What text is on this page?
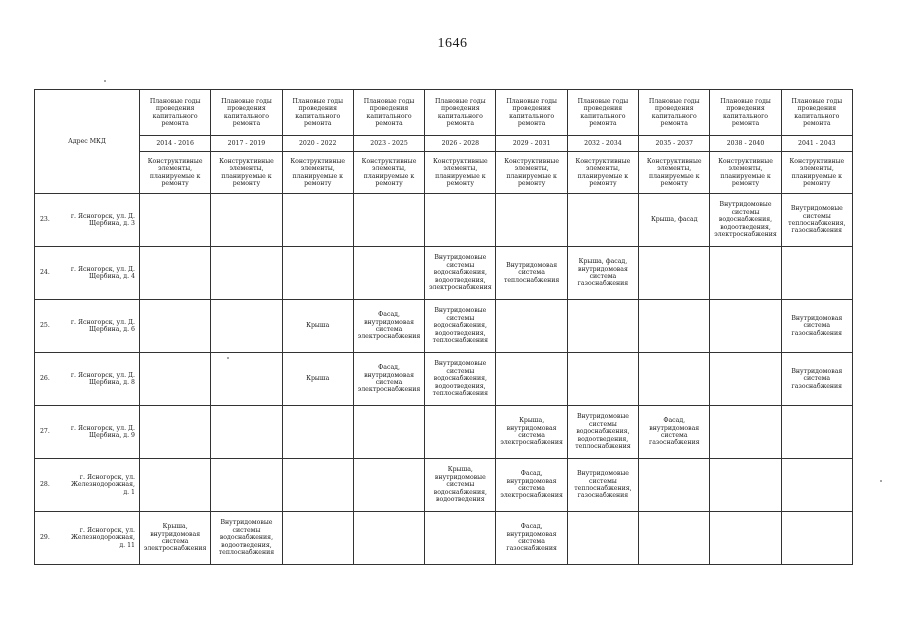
1646
Адрес МКД		Плановые годы проведения капитального ремонта	Плановые годы проведения капитального ремонта	Плановые годы проведения капитального ремонта	Плановые годы проведения капитального ремонта	Плановые годы проведения капитального ремонта	Плановые годы проведения капитального ремонта	Плановые годы проведения капитального ремонта	Плановые годы проведения капитального ремонта	Плановые годы проведения капитального ремонта	Плановые годы проведения капитального ремонта
		2014 - 2016	2017 - 2019	2020 - 2022	2023 - 2025	2026 - 2028	2029 - 2031	2032 - 2034	2035 - 2037	2038 - 2040	2041 - 2043
		Конструктивные элементы, планируемые к ремонту	Конструктивные элементы, планируемые к ремонту	Конструктивные элементы, планируемые к ремонту	Конструктивные элементы, планируемые к ремонту	Конструктивные элементы, планируемые к ремонту	Конструктивные элементы, планируемые к ремонту	Конструктивные элементы, планируемые к ремонту	Конструктивные элементы, планируемые к ремонту	Конструктивные элементы, планируемые к ремонту	Конструктивные элементы, планируемые к ремонту
23.	г. Ясногорск, ул. Д. Щербина, д. 3								Крыша, фасад	Внутридомовые системы водоснабжения, водоотведения, электроснабжения	Внутридомовые системы теплоснабжения, газоснабжения
24.	г. Ясногорск, ул. Д. Щербина, д. 4					Внутридомовые системы водоснабжения, водоотведения, электроснабжения	Внутридомовая система теплоснабжения	Крыша, фасад, внутридомовая система газоснабжения			
25.	г. Ясногорск, ул. Д. Щербина, д. 6			Крыша	Фасад, внутридомовая система электроснабжения	Внутридомовые системы водоснабжения, водоотведения, теплоснабжения					Внутридомовая система газоснабжения
26.	г. Ясногорск, ул. Д. Щербина, д. 8			Крыша	Фасад, внутридомовая система электроснабжения	Внутридомовые системы водоснабжения, водоотведения, теплоснабжения					Внутридомовая система газоснабжения
27.	г. Ясногорск, ул. Д. Щербина, д. 9						Крыша, внутридомовая система электроснабжения	Внутридомовые системы водоснабжения, водоотведения, теплоснабжения	Фасад, внутридомовая система газоснабжения		
28.	г. Ясногорск, ул. Железнодорожная, д. 1					Крыша, внутридомовые системы водоснабжения, водоотведения	Фасад, внутридомовая система электроснабжения	Внутридомовые системы теплоснабжения, газоснабжения			
29.	г. Ясногорск, ул. Железнодорожная, д. 11	Крыша, внутридомовая система электроснабжения	Внутридомовые системы водоснабжения, водоотведения, теплоснабжения				Фасад, внутридомовая система газоснабжения				
